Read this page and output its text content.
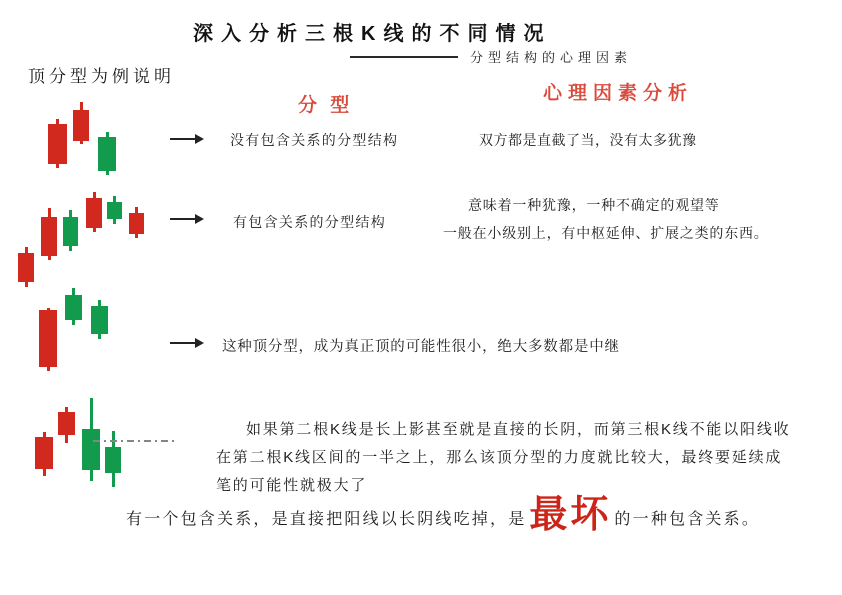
深入分析三根K线的不同情况
分型结构的心理因素
顶分型为例说明
分 型
心理因素分析
没有包含关系的分型结构	双方都是直截了当，没有太多犹豫
有包含关系的分型结构
意味着一种犹豫，一种不确定的观望等
一般在小级别上，有中枢延伸、扩展之类的东西。
这种顶分型，成为真正顶的可能性很小，绝大多数都是中继
如果第二根K线是长上影甚至就是直接的长阴，而第三根K线不能以阳线收
在第二根K线区间的一半之上，那么该顶分型的力度就比较大，最终要延续成
笔的可能性就极大了
有一个包含关系，是直接把阳线以长阴线吃掉，是 最坏 的一种包含关系。
